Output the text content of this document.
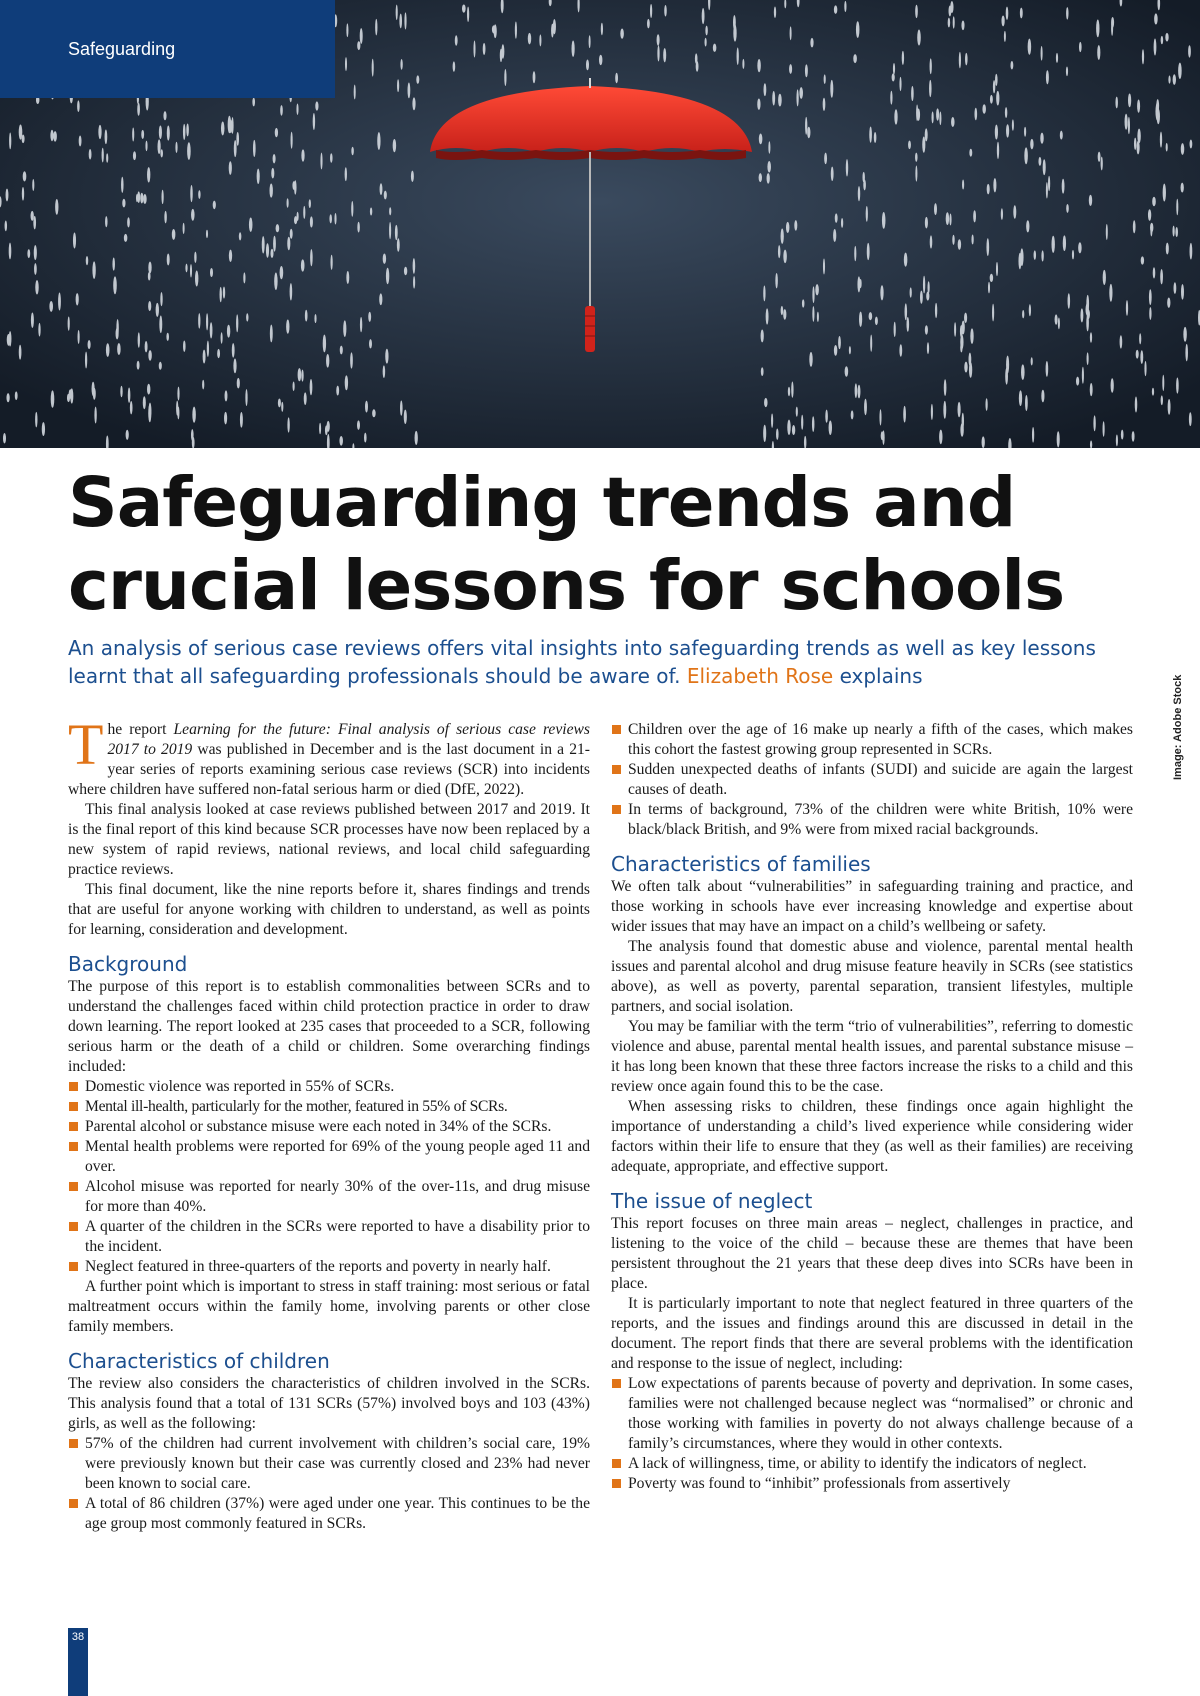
Safeguarding
Image: Adobe Stock
Safeguarding trends and
crucial lessons for schools

An analysis of serious case reviews offers vital insights into safeguarding trends as well as key lessons learnt that all safeguarding professionals should be aware of. Elizabeth Rose explains

The report Learning for the future: Final analysis of serious case reviews 2017 to 2019 was published in December and is the last document in a 21-year series of reports examining serious case reviews (SCR) into incidents where children have suffered non-fatal serious harm or died (DfE, 2022).

This final analysis looked at case reviews published between 2017 and 2019. It is the final report of this kind because SCR processes have now been replaced by a new system of rapid reviews, national reviews, and local child safeguarding practice reviews.

This final document, like the nine reports before it, shares findings and trends that are useful for anyone working with children to understand, as well as points for learning, consideration and development.

Background

The purpose of this report is to establish commonalities between SCRs and to understand the challenges faced within child protection practice in order to draw down learning. The report looked at 235 cases that proceeded to a SCR, following serious harm or the death of a child or children. Some overarching findings included:

Domestic violence was reported in 55% of SCRs.
Mental ill-health, particularly for the mother, featured in 55% of SCRs.
Parental alcohol or substance misuse were each noted in 34% of the SCRs.
Mental health problems were reported for 69% of the young people aged 11 and over.
Alcohol misuse was reported for nearly 30% of the over-11s, and drug misuse for more than 40%.
A quarter of the children in the SCRs were reported to have a disability prior to the incident.
Neglect featured in three-quarters of the reports and poverty in nearly half.

A further point which is important to stress in staff training: most serious or fatal maltreatment occurs within the family home, involving parents or other close family members.

Characteristics of children

The review also considers the characteristics of children involved in the SCRs. This analysis found that a total of 131 SCRs (57%) involved boys and 103 (43%) girls, as well as the following:

57% of the children had current involvement with children’s social care, 19% were previously known but their case was currently closed and 23% had never been known to social care.
A total of 86 children (37%) were aged under one year. This continues to be the age group most commonly featured in SCRs.
Children over the age of 16 make up nearly a fifth of the cases, which makes this cohort the fastest growing group represented in SCRs.
Sudden unexpected deaths of infants (SUDI) and suicide are again the largest causes of death.
In terms of background, 73% of the children were white British, 10% were black/black British, and 9% were from mixed racial backgrounds.
Characteristics of families

We often talk about “vulnerabilities” in safeguarding training and practice, and those working in schools have ever increasing knowledge and expertise about wider issues that may have an impact on a child’s wellbeing or safety.

The analysis found that domestic abuse and violence, parental mental health issues and parental alcohol and drug misuse feature heavily in SCRs (see statistics above), as well as poverty, parental separation, transient lifestyles, multiple partners, and social isolation.

You may be familiar with the term “trio of vulnerabilities”, referring to domestic violence and abuse, parental mental health issues, and parental substance misuse – it has long been known that these three factors increase the risks to a child and this review once again found this to be the case.

When assessing risks to children, these findings once again highlight the importance of understanding a child’s lived experience while considering wider factors within their life to ensure that they (as well as their families) are receiving adequate, appropriate, and effective support.

The issue of neglect

This report focuses on three main areas – neglect, challenges in practice, and listening to the voice of the child – because these are themes that have been persistent throughout the 21 years that these deep dives into SCRs have been in place.

It is particularly important to note that neglect featured in three quarters of the reports, and the issues and findings around this are discussed in detail in the document. The report finds that there are several problems with the identification and response to the issue of neglect, including:

Low expectations of parents because of poverty and deprivation. In some cases, families were not challenged because neglect was “normalised” or chronic and those working with families in poverty do not always challenge because of a family’s circumstances, where they would in other contexts.
A lack of willingness, time, or ability to identify the indicators of neglect.
Poverty was found to “inhibit” professionals from assertively
38
